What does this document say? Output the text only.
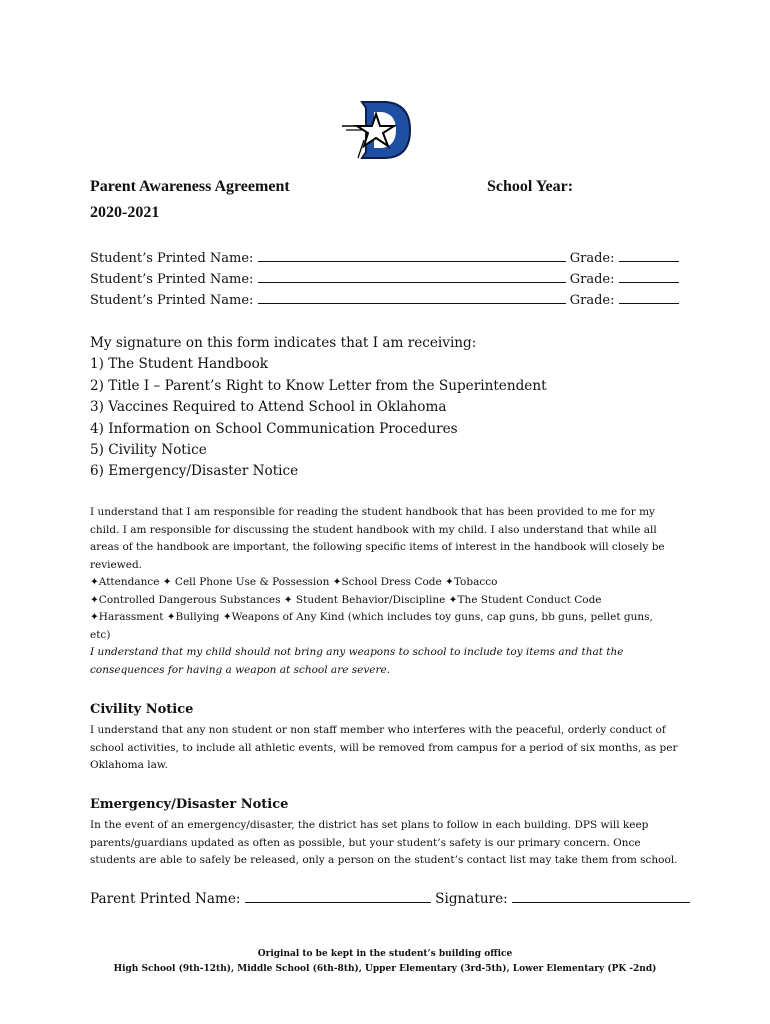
Parent Awareness Agreement	School Year:
2020-2021
Student’s Printed Name:	Grade:
Student’s Printed Name:	Grade:
Student’s Printed Name:	Grade:
My signature on this form indicates that I am receiving:
1) The Student Handbook
2) Title I – Parent’s Right to Know Letter from the Superintendent
3) Vaccines Required to Attend School in Oklahoma
4) Information on School Communication Procedures
5) Civility Notice
6) Emergency/Disaster Notice
I understand that I am responsible for reading the student handbook that has been provided to me for my
child. I am responsible for discussing the student handbook with my child. I also understand that while all
areas of the handbook are important, the following specific items of interest in the handbook will closely be
reviewed.
✦Attendance ✦ Cell Phone Use & Possession ✦School Dress Code ✦Tobacco
✦Controlled Dangerous Substances ✦ Student Behavior/Discipline ✦The Student Conduct Code
✦Harassment ✦Bullying ✦Weapons of Any Kind (which includes toy guns, cap guns, bb guns, pellet guns,
etc)
I understand that my child should not bring any weapons to school to include toy items and that the
consequences for having a weapon at school are severe.
Civility Notice
I understand that any non student or non staff member who interferes with the peaceful, orderly conduct of
school activities, to include all athletic events, will be removed from campus for a period of six months, as per
Oklahoma law.
Emergency/Disaster Notice
In the event of an emergency/disaster, the district has set plans to follow in each building. DPS will keep
parents/guardians updated as often as possible, but your student’s safety is our primary concern. Once
students are able to safely be released, only a person on the student’s contact list may take them from school.
Parent Printed Name:	Signature:
Original to be kept in the student’s building office
High School (9th-12th), Middle School (6th-8th), Upper Elementary (3rd-5th), Lower Elementary (PK -2nd)
